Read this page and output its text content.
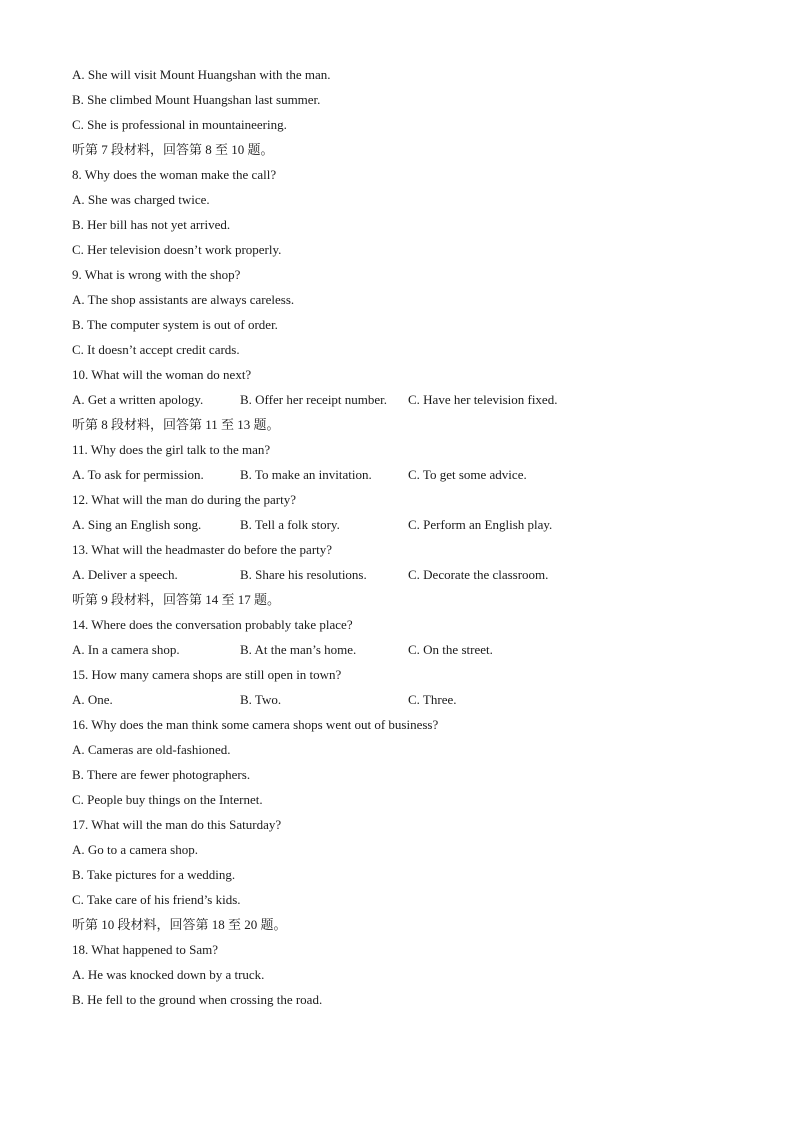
A. She will visit Mount Huangshan with the man.
B. She climbed Mount Huangshan last summer.
C. She is professional in mountaineering.
听第 7 段材料，回答第 8 至 10 题。
8. Why does the woman make the call?
A. She was charged twice.
B. Her bill has not yet arrived.
C. Her television doesn’t work properly.
9. What is wrong with the shop?
A. The shop assistants are always careless.
B. The computer system is out of order.
C. It doesn’t accept credit cards.
10. What will the woman do next?
A. Get a written apology.	B. Offer her receipt number.	C. Have her television fixed.
听第 8 段材料，回答第 11 至 13 题。
11. Why does the girl talk to the man?
A. To ask for permission.	B. To make an invitation.	C. To get some advice.
12. What will the man do during the party?
A. Sing an English song.	B. Tell a folk story.	C. Perform an English play.
13. What will the headmaster do before the party?
A. Deliver a speech.	B. Share his resolutions.	C. Decorate the classroom.
听第 9 段材料，回答第 14 至 17 题。
14. Where does the conversation probably take place?
A. In a camera shop.	B. At the man’s home.	C. On the street.
15. How many camera shops are still open in town?
A. One.	B. Two.	C. Three.
16. Why does the man think some camera shops went out of business?
A. Cameras are old-fashioned.
B. There are fewer photographers.
C. People buy things on the Internet.
17. What will the man do this Saturday?
A. Go to a camera shop.
B. Take pictures for a wedding.
C. Take care of his friend’s kids.
听第 10 段材料，回答第 18 至 20 题。
18. What happened to Sam?
A. He was knocked down by a truck.
B. He fell to the ground when crossing the road.
